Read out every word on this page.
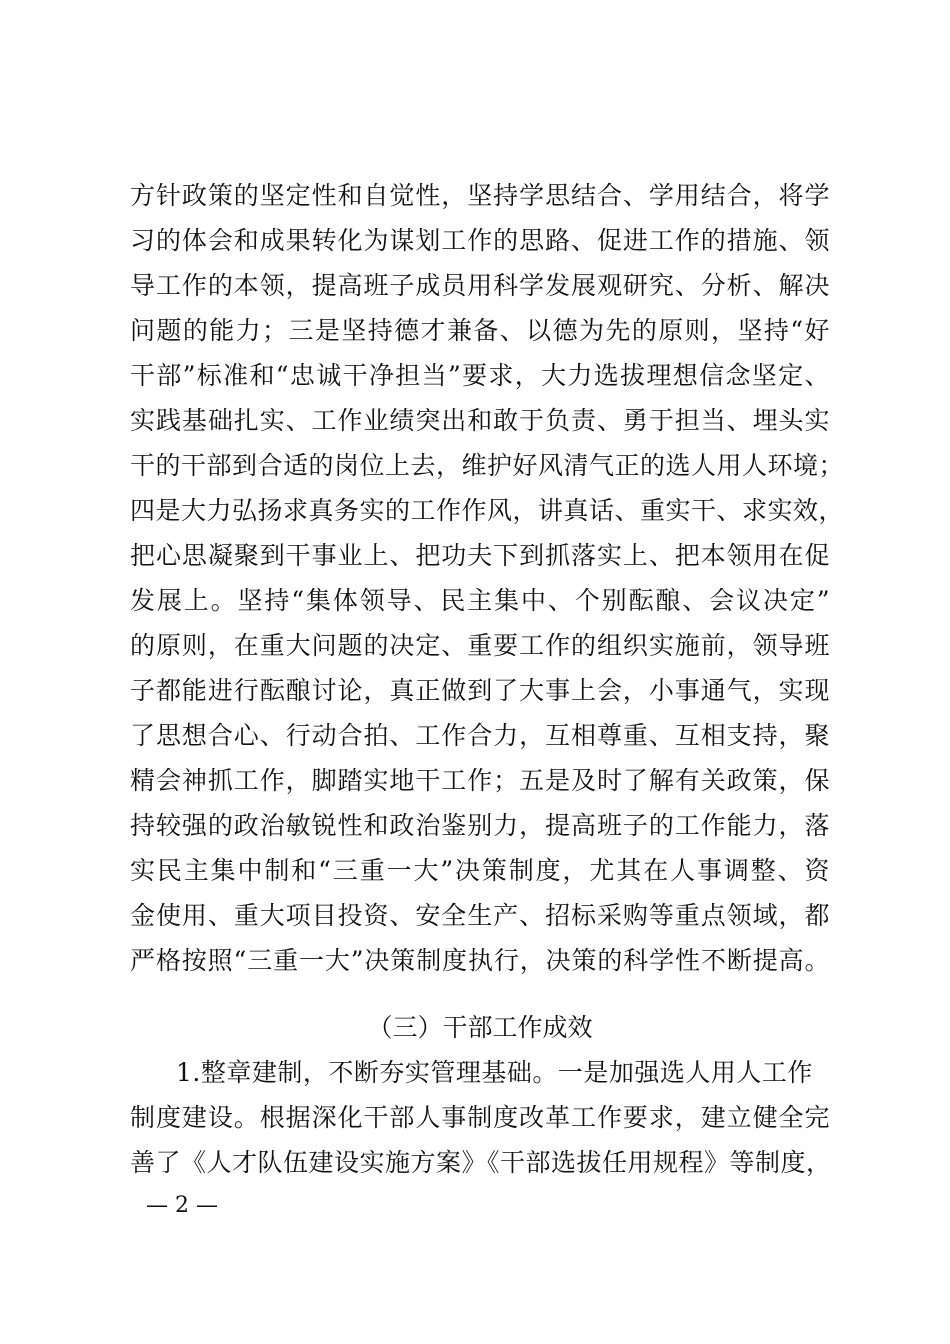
方针政策的坚定性和自觉性，坚持学思结合、学用结合，将学
习的体会和成果转化为谋划工作的思路、促进工作的措施、领
导工作的本领，提高班子成员用科学发展观研究、分析、解决
问题的能力；三是坚持德才兼备、以德为先的原则，坚持“好
干部”标准和“忠诚干净担当”要求，大力选拔理想信念坚定、
实践基础扎实、工作业绩突出和敢于负责、勇于担当、埋头实
干的干部到合适的岗位上去，维护好风清气正的选人用人环境；
四是大力弘扬求真务实的工作作风，讲真话、重实干、求实效，
把心思凝聚到干事业上、把功夫下到抓落实上、把本领用在促
发展上。坚持“集体领导、民主集中、个别酝酿、会议决定”
的原则，在重大问题的决定、重要工作的组织实施前，领导班
子都能进行酝酿讨论，真正做到了大事上会，小事通气，实现
了思想合心、行动合拍、工作合力，互相尊重、互相支持，聚
精会神抓工作，脚踏实地干工作；五是及时了解有关政策，保
持较强的政治敏锐性和政治鉴别力，提高班子的工作能力，落
实民主集中制和“三重一大”决策制度，尤其在人事调整、资
金使用、重大项目投资、安全生产、招标采购等重点领域，都
严格按照“三重一大”决策制度执行，决策的科学性不断提高。
（三）干部工作成效
1.整章建制，不断夯实管理基础。一是加强选人用人工作
制度建设。根据深化干部人事制度改革工作要求，建立健全完
善了《人才队伍建设实施方案》《干部选拔任用规程》等制度，
— 2 —
